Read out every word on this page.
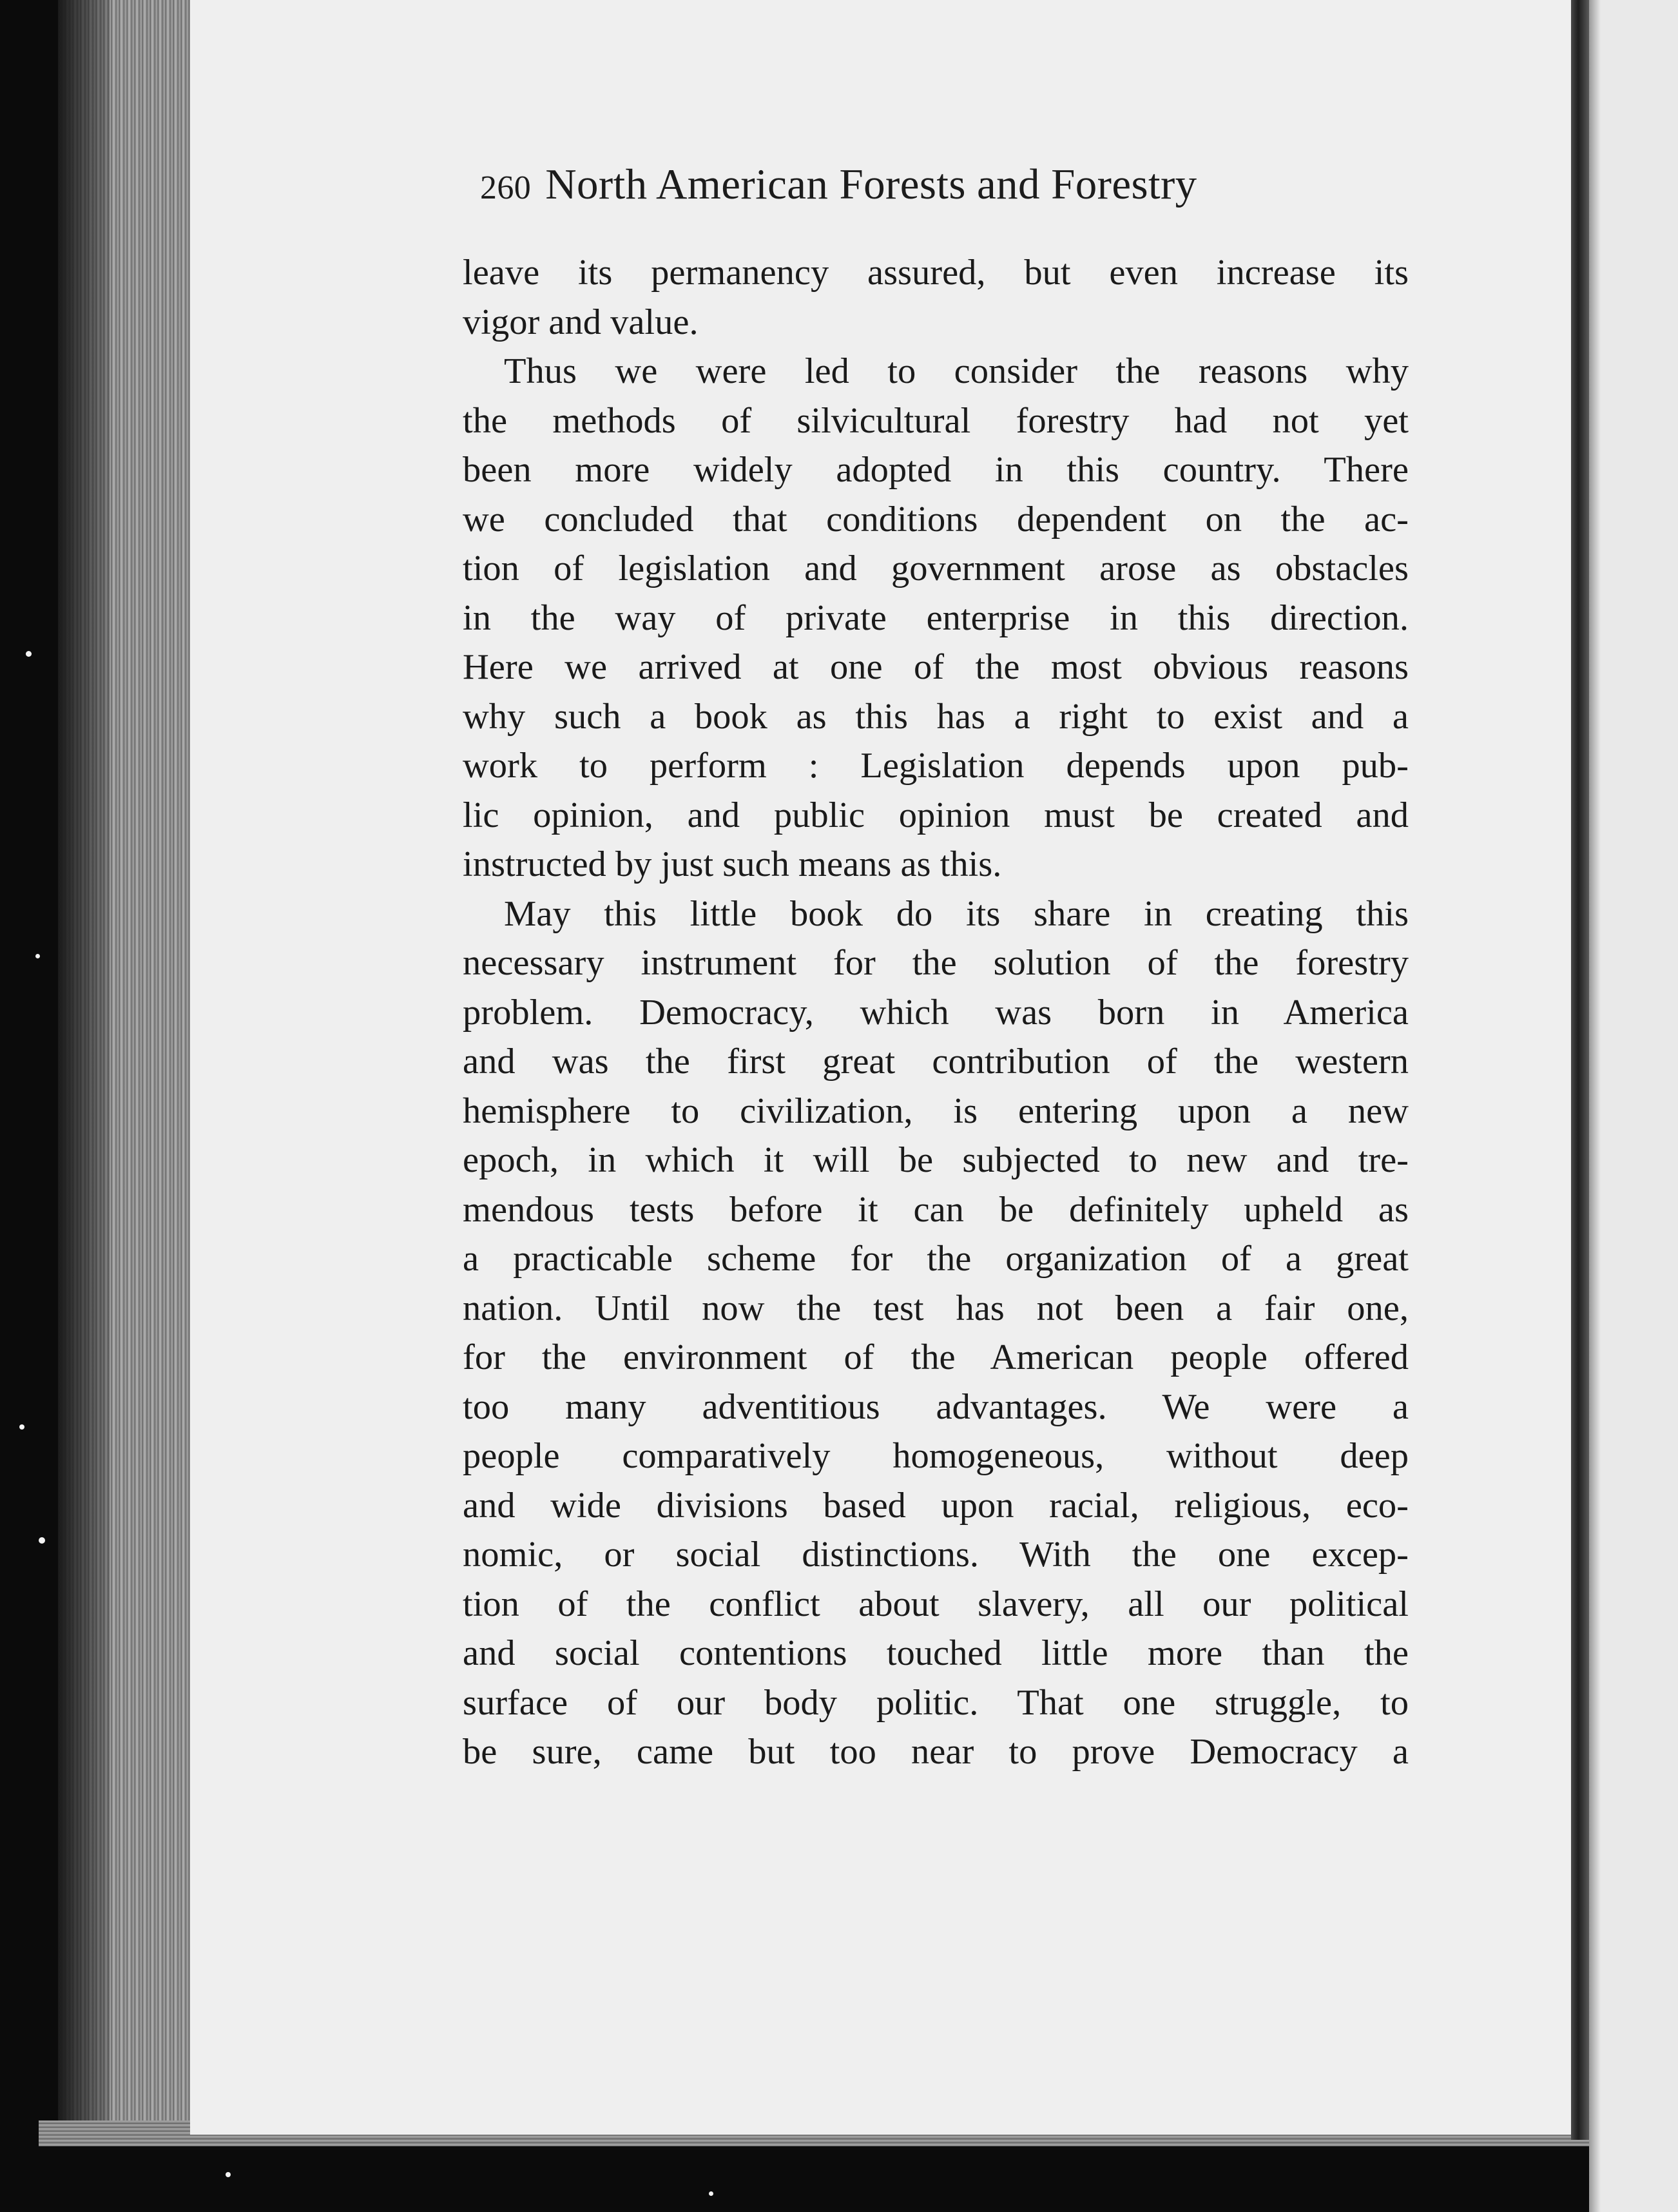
260 North American Forests and Forestry
leave its permanency assured, but even increase its
vigor and value.
Thus we were led to consider the reasons why
the methods of silvicultural forestry had not yet
been more widely adopted in this country. There
we concluded that conditions dependent on the ac-
tion of legislation and government arose as obstacles
in the way of private enterprise in this direction.
Here we arrived at one of the most obvious reasons
why such a book as this has a right to exist and a
work to perform : Legislation depends upon pub-
lic opinion, and public opinion must be created and
instructed by just such means as this.
May this little book do its share in creating this
necessary instrument for the solution of the forestry
problem. Democracy, which was born in America
and was the first great contribution of the western
hemisphere to civilization, is entering upon a new
epoch, in which it will be subjected to new and tre-
mendous tests before it can be definitely upheld as
a practicable scheme for the organization of a great
nation. Until now the test has not been a fair one,
for the environment of the American people offered
too many adventitious advantages. We were a
people comparatively homogeneous, without deep
and wide divisions based upon racial, religious, eco-
nomic, or social distinctions. With the one excep-
tion of the conflict about slavery, all our political
and social contentions touched little more than the
surface of our body politic. That one struggle, to
be sure, came but too near to prove Democracy a
